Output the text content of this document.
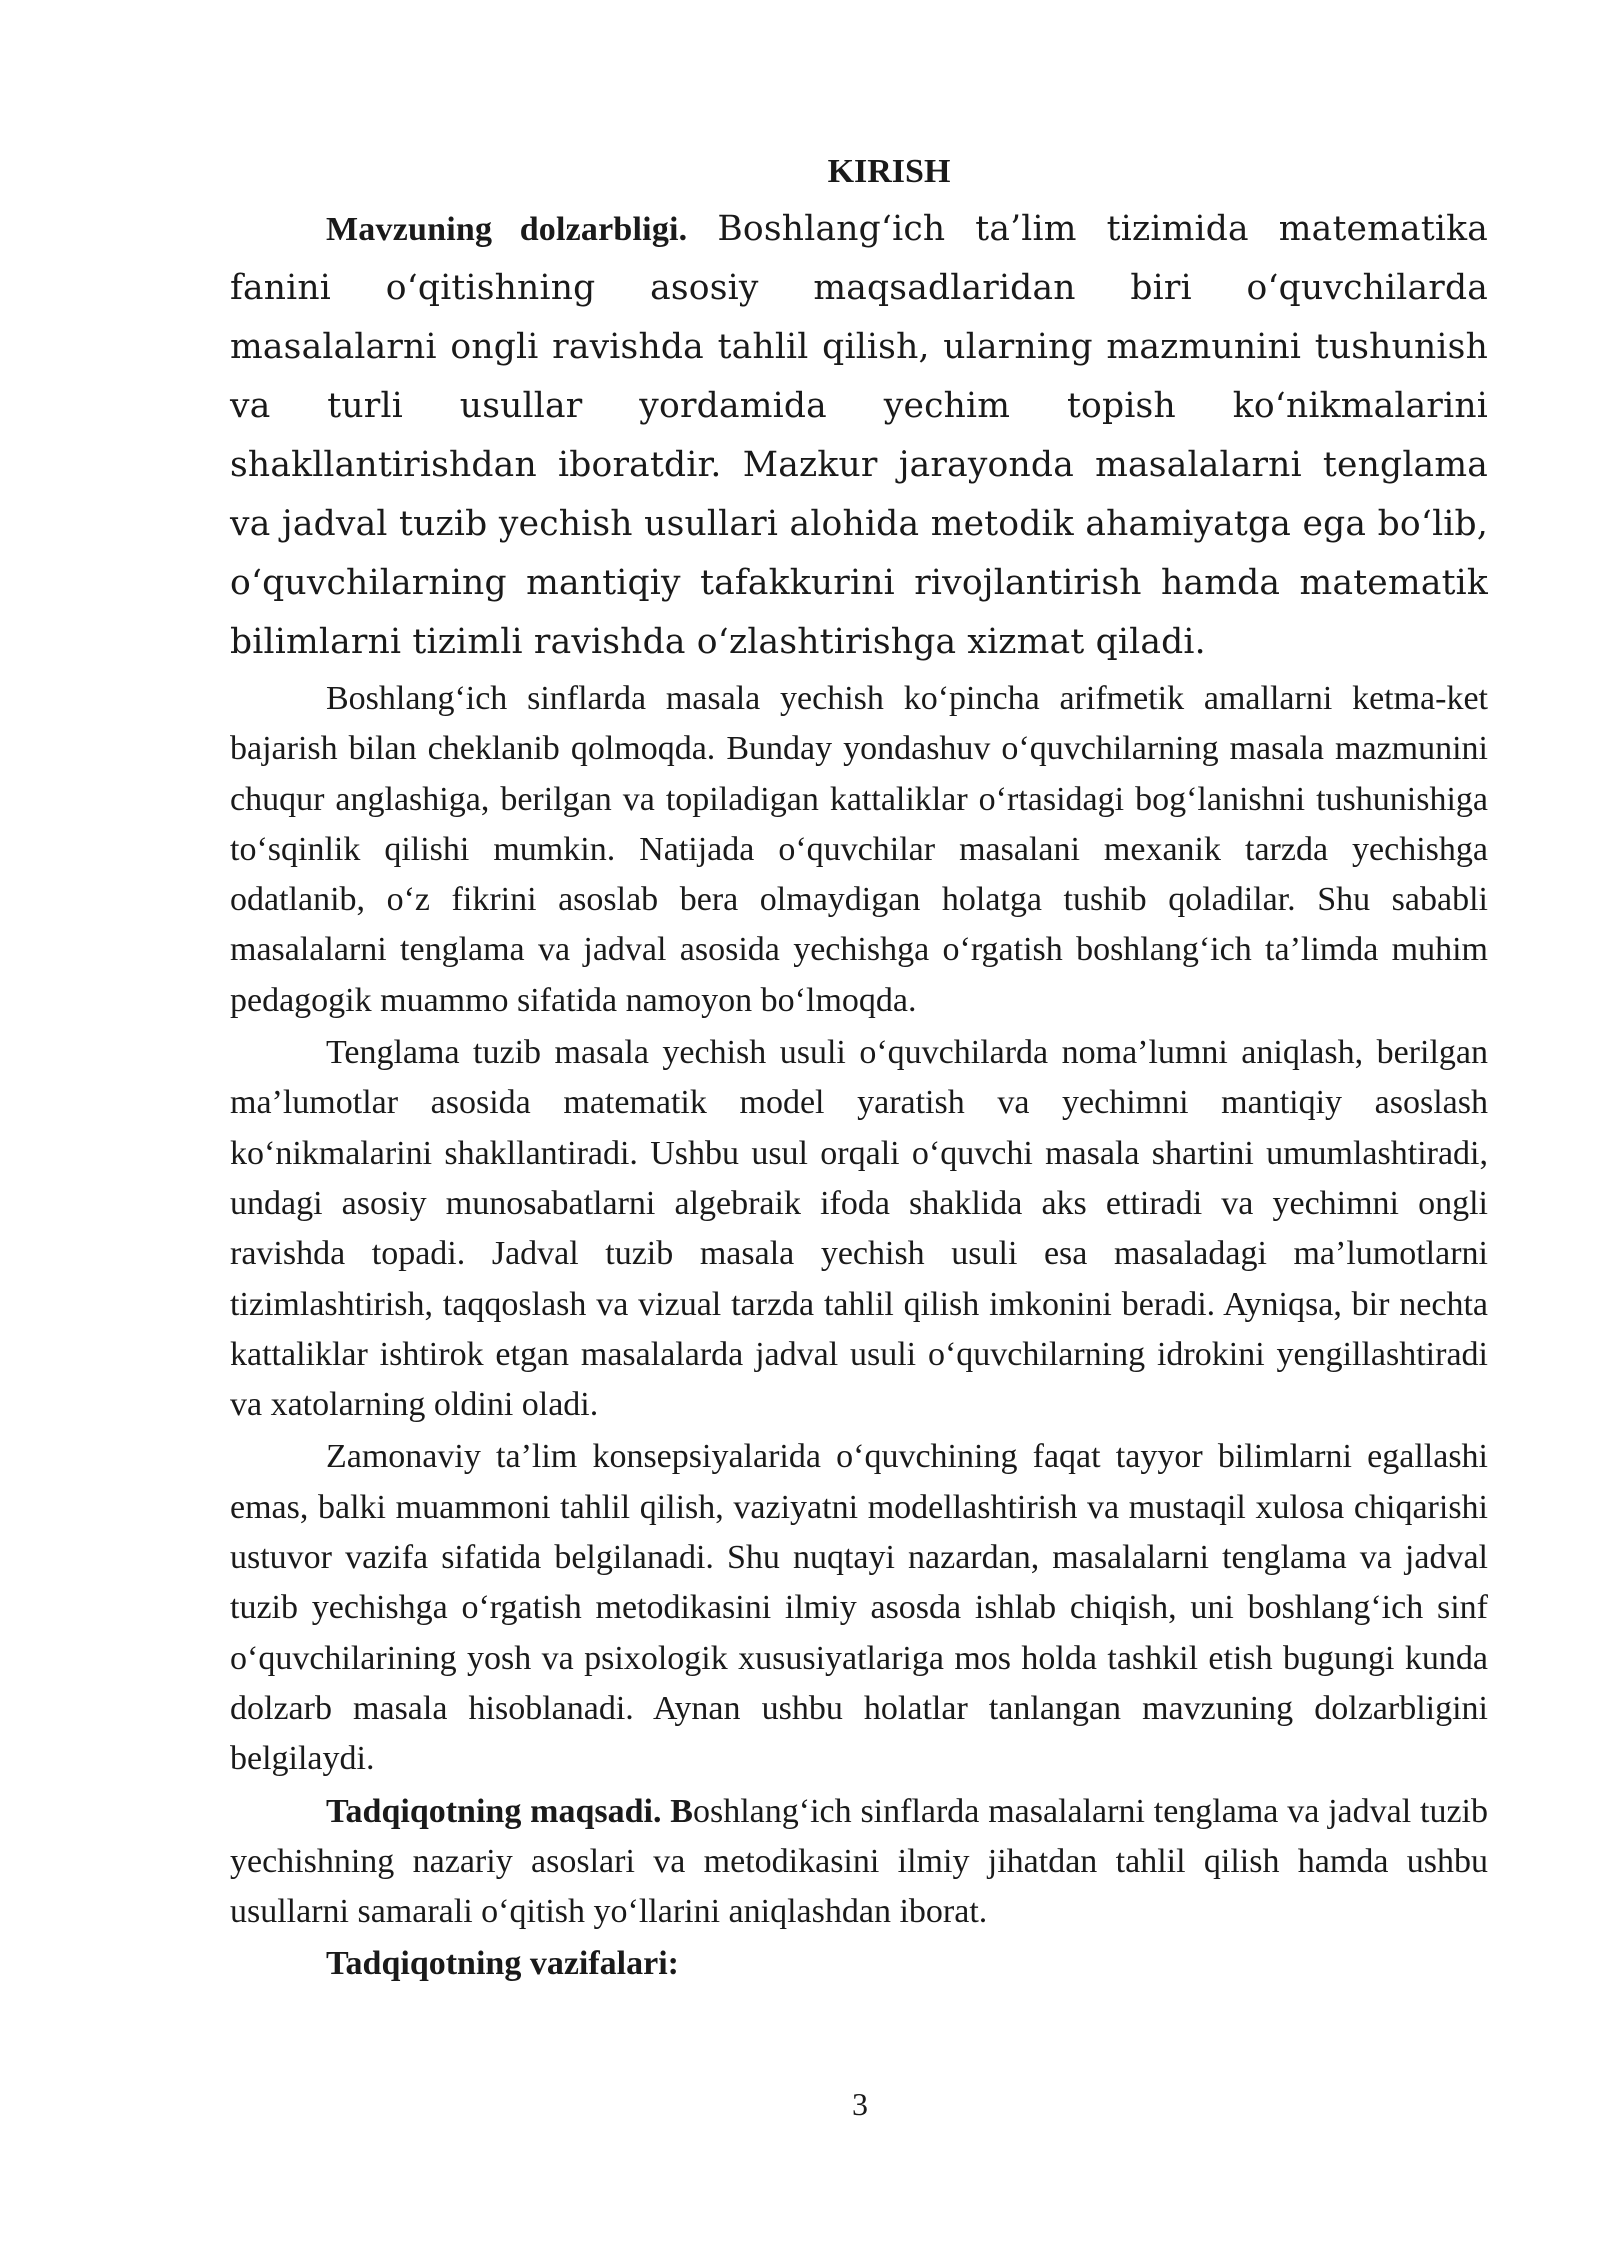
KIRISH

Mavzuning dolzarbligi. Boshlang‘ich ta’lim tizimida matematika fanini o‘qitishning asosiy maqsadlaridan biri o‘quvchilarda masalalarni ongli ravishda tahlil qilish, ularning mazmunini tushunish va turli usullar yordamida yechim topish ko‘nikmalarini shakllantirishdan iboratdir. Mazkur jarayonda masalalarni tenglama va jadval tuzib yechish usullari alohida metodik ahamiyatga ega bo‘lib, o‘quvchilarning mantiqiy tafakkurini rivojlantirish hamda matematik bilimlarni tizimli ravishda o‘zlashtirishga xizmat qiladi.

Boshlang‘ich sinflarda masala yechish ko‘pincha arifmetik amallarni ketma-ket bajarish bilan cheklanib qolmoqda. Bunday yondashuv o‘quvchilarning masala mazmunini chuqur anglashiga, berilgan va topiladigan kattaliklar o‘rtasidagi bog‘lanishni tushunishiga to‘sqinlik qilishi mumkin. Natijada o‘quvchilar masalani mexanik tarzda yechishga odatlanib, o‘z fikrini asoslab bera olmaydigan holatga tushib qoladilar. Shu sababli masalalarni tenglama va jadval asosida yechishga o‘rgatish boshlang‘ich ta’limda muhim pedagogik muammo sifatida namoyon bo‘lmoqda.

Tenglama tuzib masala yechish usuli o‘quvchilarda noma’lumni aniqlash, berilgan ma’lumotlar asosida matematik model yaratish va yechimni mantiqiy asoslash ko‘nikmalarini shakllantiradi. Ushbu usul orqali o‘quvchi masala shartini umumlashtiradi, undagi asosiy munosabatlarni algebraik ifoda shaklida aks ettiradi va yechimni ongli ravishda topadi. Jadval tuzib masala yechish usuli esa masaladagi ma’lumotlarni tizimlashtirish, taqqoslash va vizual tarzda tahlil qilish imkonini beradi. Ayniqsa, bir nechta kattaliklar ishtirok etgan masalalarda jadval usuli o‘quvchilarning idrokini yengillashtiradi va xatolarning oldini oladi.

Zamonaviy ta’lim konsepsiyalarida o‘quvchining faqat tayyor bilimlarni egallashi emas, balki muammoni tahlil qilish, vaziyatni modellashtirish va mustaqil xulosa chiqarishi ustuvor vazifa sifatida belgilanadi. Shu nuqtayi nazardan, masalalarni tenglama va jadval tuzib yechishga o‘rgatish metodikasini ilmiy asosda ishlab chiqish, uni boshlang‘ich sinf o‘quvchilarining yosh va psixologik xususiyatlariga mos holda tashkil etish bugungi kunda dolzarb masala hisoblanadi. Aynan ushbu holatlar tanlangan mavzuning dolzarbligini belgilaydi.

Tadqiqotning maqsadi. Boshlang‘ich sinflarda masalalarni tenglama va jadval tuzib yechishning nazariy asoslari va metodikasini ilmiy jihatdan tahlil qilish hamda ushbu usullarni samarali o‘qitish yo‘llarini aniqlashdan iborat.

Tadqiqotning vazifalari:

3
